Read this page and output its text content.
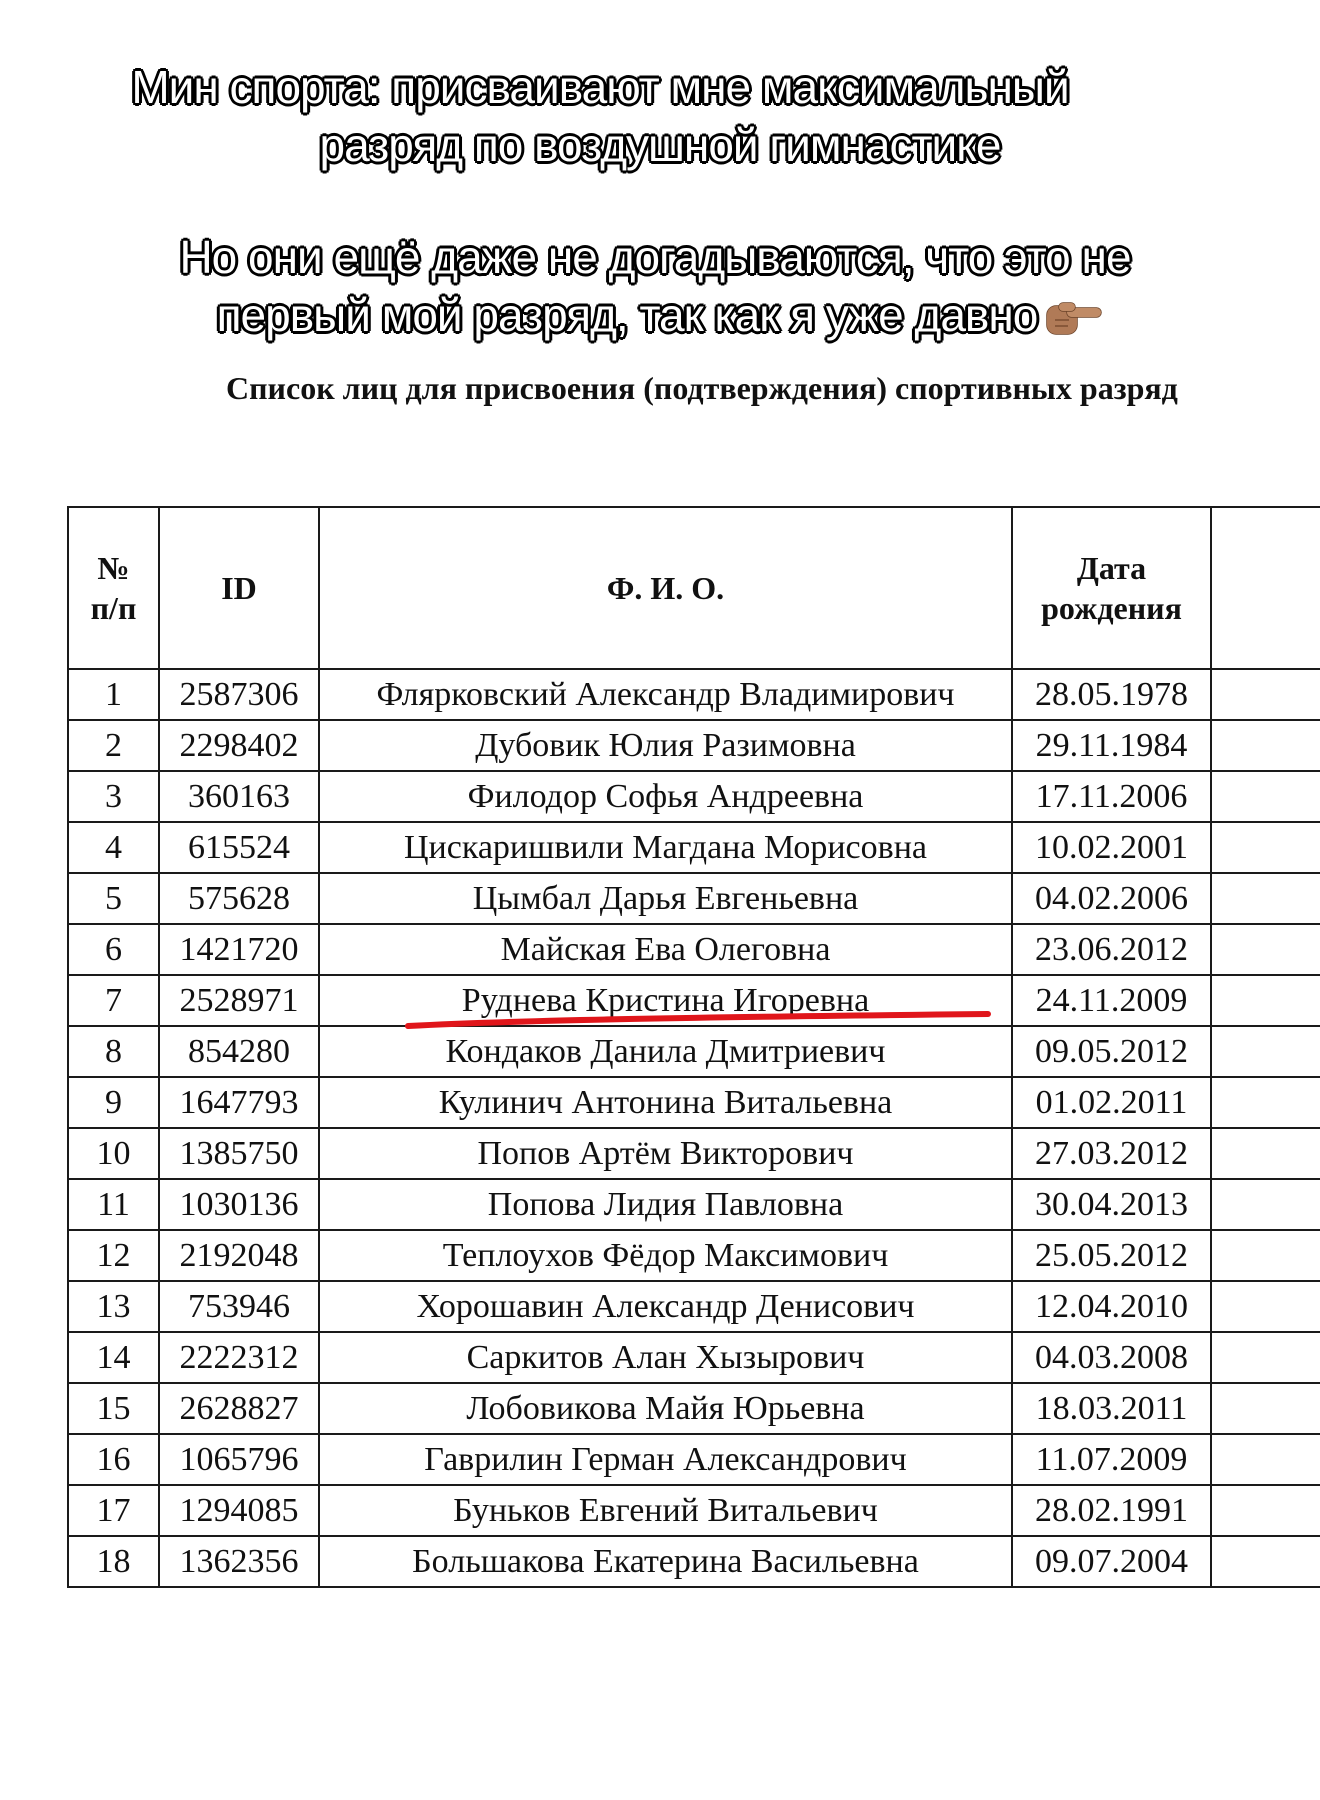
Мин спорта: присваивают мне максимальный
разряд по воздушной гимнастике
Но они ещё даже не догадываются, что это не
первый мой разряд, так как я уже давно
Список лиц для присвоения (подтверждения) спортивных разряд
№
п/п	ID	Ф. И. О.	Дата
рождения	
1	2587306	Флярковский Александр Владимирович	28.05.1978	
2	2298402	Дубовик Юлия Разимовна	29.11.1984	
3	360163	Филодор Софья Андреевна	17.11.2006	
4	615524	Цискаришвили Магдана Морисовна	10.02.2001	
5	575628	Цымбал Дарья Евгеньевна	04.02.2006	
6	1421720	Майская Ева Олеговна	23.06.2012	
7	2528971	Руднева Кристина Игоревна	24.11.2009	
8	854280	Кондаков Данила Дмитриевич	09.05.2012	
9	1647793	Кулинич Антонина Витальевна	01.02.2011	
10	1385750	Попов Артём Викторович	27.03.2012	
11	1030136	Попова Лидия Павловна	30.04.2013	
12	2192048	Теплоухов Фёдор Максимович	25.05.2012	
13	753946	Хорошавин Александр Денисович	12.04.2010	
14	2222312	Саркитов Алан Хызырович	04.03.2008	
15	2628827	Лобовикова Майя Юрьевна	18.03.2011	
16	1065796	Гаврилин Герман Александрович	11.07.2009	
17	1294085	Буньков Евгений Витальевич	28.02.1991	
18	1362356	Большакова Екатерина Васильевна	09.07.2004	
